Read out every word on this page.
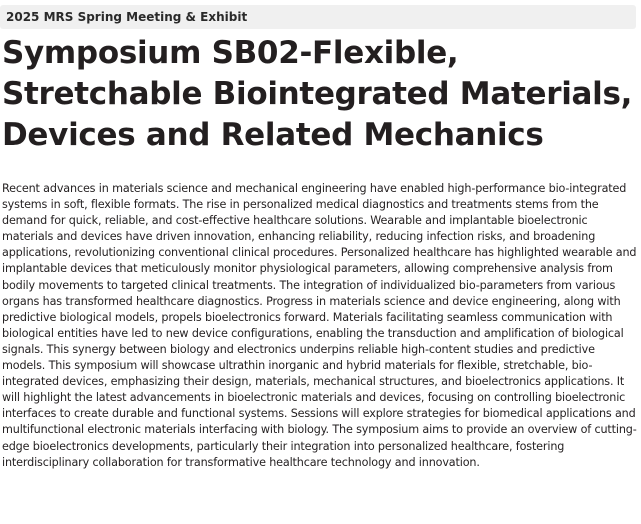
2025 MRS Spring Meeting & Exhibit
Symposium SB02-Flexible, Stretchable Biointegrated Materials, Devices and Related Mechanics

Recent advances in materials science and mechanical engineering have enabled high-performance bio-integrated systems in soft, flexible formats. The rise in personalized medical diagnostics and treatments stems from the demand for quick, reliable, and cost-effective healthcare solutions. Wearable and implantable bioelectronic materials and devices have driven innovation, enhancing reliability, reducing infection risks, and broadening applications, revolutionizing conventional clinical procedures. Personalized healthcare has highlighted wearable and implantable devices that meticulously monitor physiological parameters, allowing comprehensive analysis from bodily movements to targeted clinical treatments. The integration of individualized bio-parameters from various organs has transformed healthcare diagnostics. Progress in materials science and device engineering, along with predictive biological models, propels bioelectronics forward. Materials facilitating seamless communication with biological entities have led to new device configurations, enabling the transduction and amplification of biological signals. This synergy between biology and electronics underpins reliable high-content studies and predictive models. This symposium will showcase ultrathin inorganic and hybrid materials for flexible, stretchable, bio-integrated devices, emphasizing their design, materials, mechanical structures, and bioelectronics applications. It will highlight the latest advancements in bioelectronic materials and devices, focusing on controlling bioelectronic interfaces to create durable and functional systems. Sessions will explore strategies for biomedical applications and multifunctional electronic materials interfacing with biology. The symposium aims to provide an overview of cutting-edge bioelectronics developments, particularly their integration into personalized healthcare, fostering interdisciplinary collaboration for transformative healthcare technology and innovation.
